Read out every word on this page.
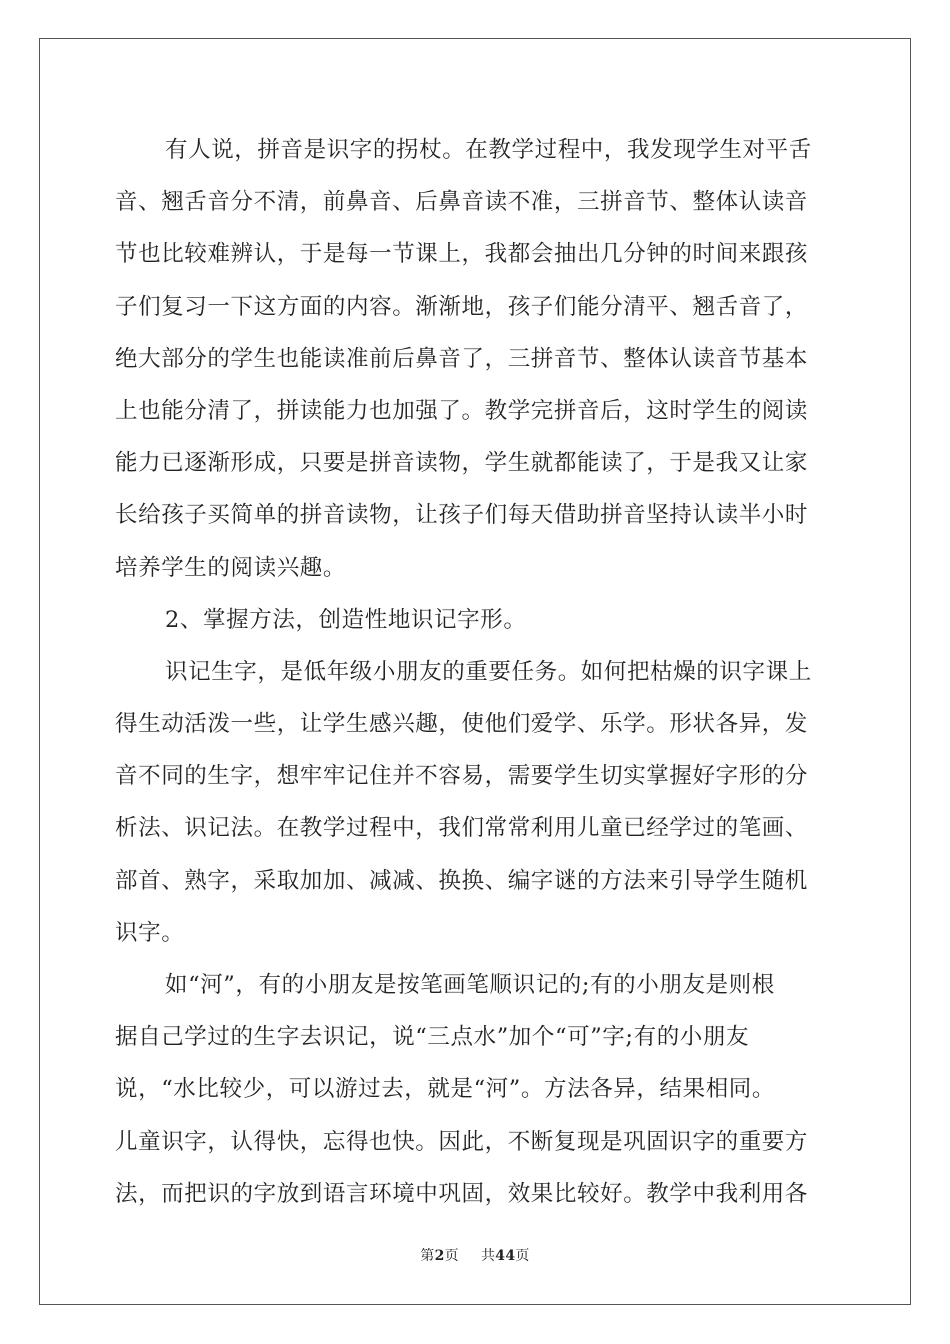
有人说，拼音是识字的拐杖。在教学过程中，我发现学生对平舌
音、翘舌音分不清，前鼻音、后鼻音读不准，三拼音节、整体认读音
节也比较难辨认，于是每一节课上，我都会抽出几分钟的时间来跟孩
子们复习一下这方面的内容。渐渐地，孩子们能分清平、翘舌音了，
绝大部分的学生也能读准前后鼻音了，三拼音节、整体认读音节基本
上也能分清了，拼读能力也加强了。教学完拼音后，这时学生的阅读
能力已逐渐形成，只要是拼音读物，学生就都能读了，于是我又让家
长给孩子买简单的拼音读物，让孩子们每天借助拼音坚持认读半小时
培养学生的阅读兴趣。
2、掌握方法，创造性地识记字形。
识记生字，是低年级小朋友的重要任务。如何把枯燥的识字课上
得生动活泼一些，让学生感兴趣，使他们爱学、乐学。形状各异，发
音不同的生字，想牢牢记住并不容易，需要学生切实掌握好字形的分
析法、识记法。在教学过程中，我们常常利用儿童已经学过的笔画、
部首、熟字，采取加加、减减、换换、编字谜的方法来引导学生随机
识字。
如“河”，有的小朋友是按笔画笔顺识记的;有的小朋友是则根
据自己学过的生字去识记，说“三点水”加个“可”字;有的小朋友
说，“水比较少，可以游过去，就是“河”。方法各异，结果相同。
儿童识字，认得快，忘得也快。因此，不断复现是巩固识字的重要方
法，而把识的字放到语言环境中巩固，效果比较好。教学中我利用各
第2页 共44页
